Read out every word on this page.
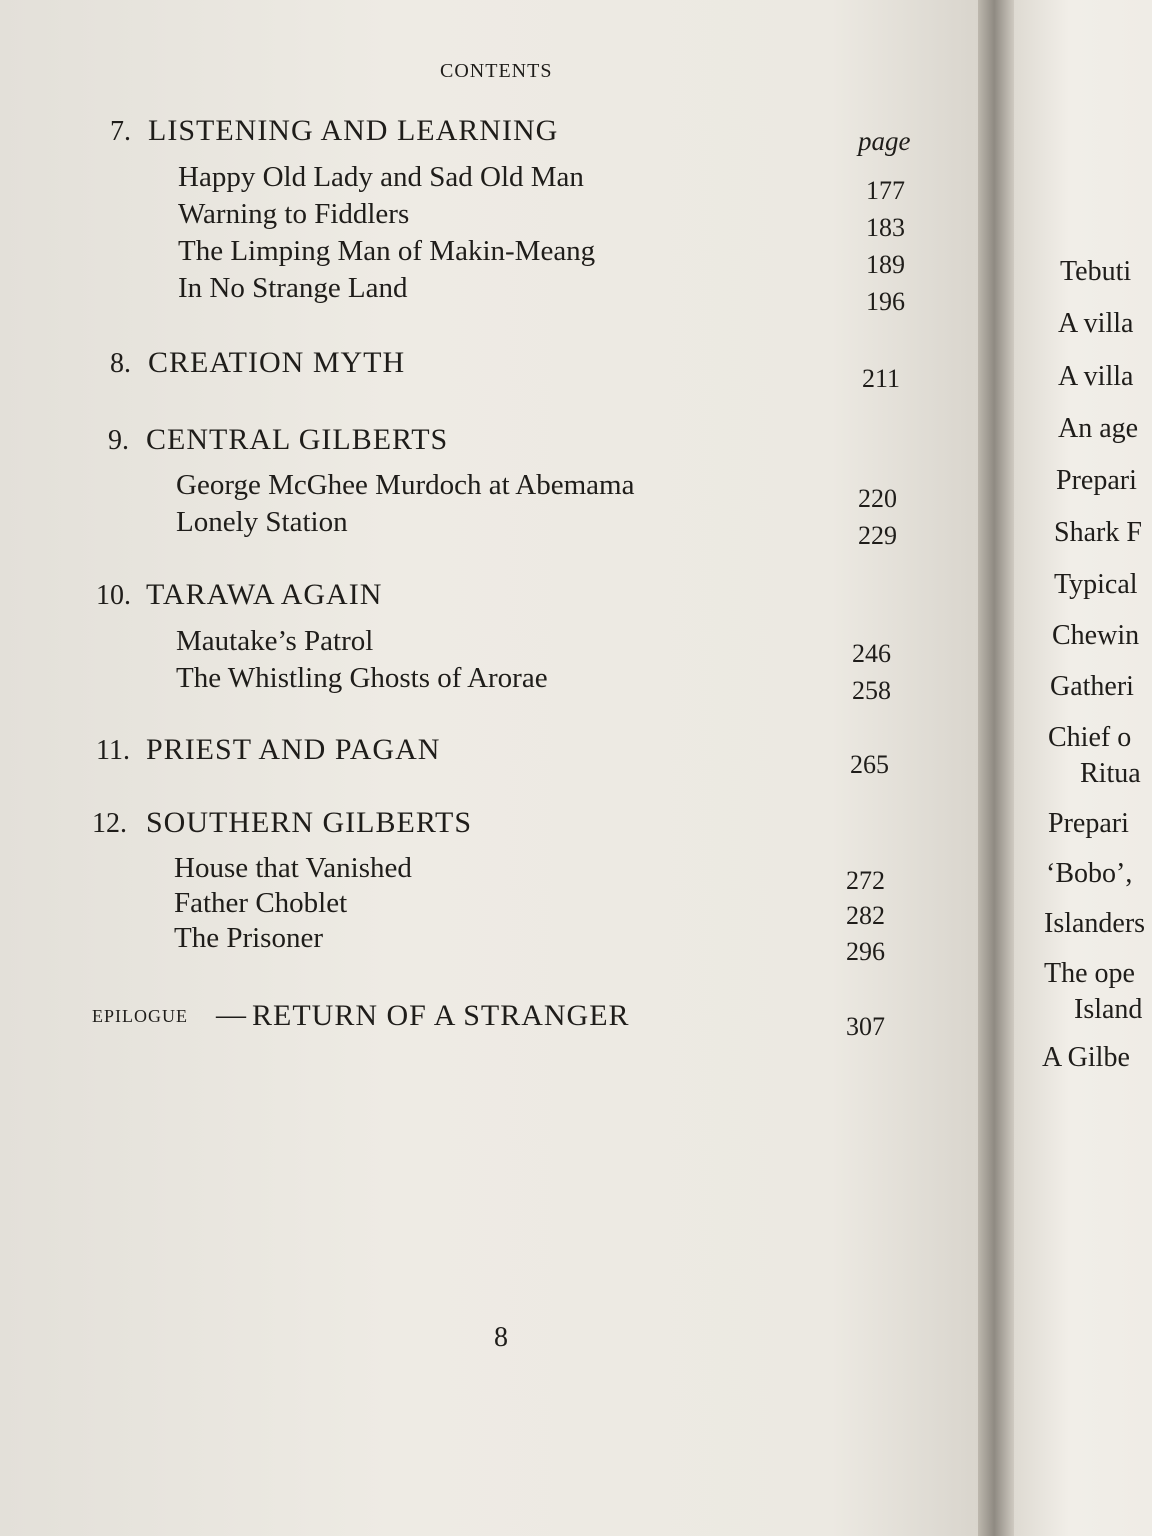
CONTENTS
page
7. LISTENING AND LEARNING
Happy Old Lady and Sad Old Man	177
Warning to Fiddlers	183
The Limping Man of Makin-Meang	189
In No Strange Land	196
8. CREATION MYTH	211
9. CENTRAL GILBERTS
George McGhee Murdoch at Abemama	220
Lonely Station	229
10. TARAWA AGAIN
Mautake’s Patrol	246
The Whistling Ghosts of Arorae	258
11. PRIEST AND PAGAN	265
12. SOUTHERN GILBERTS
House that Vanished	272
Father Choblet	282
The Prisoner	296
EPILOGUE — RETURN OF A STRANGER	307
8
Tebuti
A villa
A villa
An age
Prepari
Shark F
Typical
Chewin
Gatheri
Chief o
Ritua
Prepari
‘Bobo’,
Islanders
The ope
Island
A Gilbe
